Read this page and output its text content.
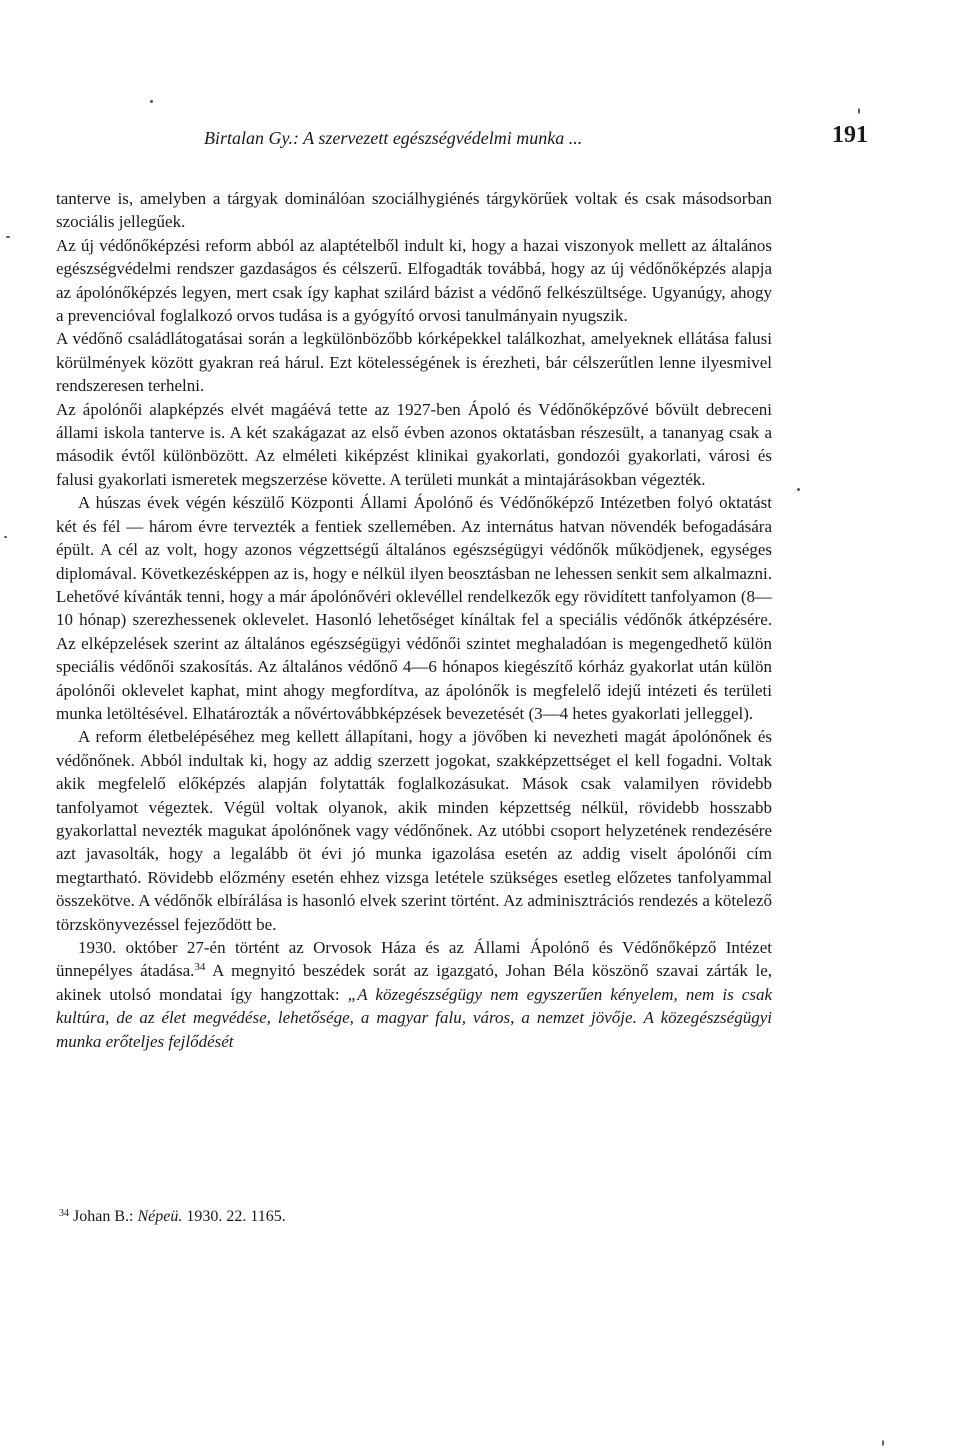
Birtalan Gy.: A szervezett egészségvédelmi munka ...	191

tanterve is, amelyben a tárgyak dominálóan szociálhygiénés tárgykörűek voltak és csak másodsorban szociális jellegűek.

Az új védőnőképzési reform abból az alaptételből indult ki, hogy a hazai viszonyok mellett az általános egészségvédelmi rendszer gazdaságos és célszerű. Elfogadták továbbá, hogy az új védőnőképzés alapja az ápolónőképzés legyen, mert csak így kaphat szilárd bázist a védőnő felkészültsége. Ugyanúgy, ahogy a prevencióval foglalkozó orvos tudása is a gyógyító orvosi tanulmányain nyugszik.

A védőnő családlátogatásai során a legkülönbözőbb kórképekkel találkozhat, amelyeknek ellátása falusi körülmények között gyakran reá hárul. Ezt kötelességének is érezheti, bár célszerűtlen lenne ilyesmivel rendszeresen terhelni.

Az ápolónői alapképzés elvét magáévá tette az 1927-ben Ápoló és Védőnőképzővé bővült debreceni állami iskola tanterve is. A két szakágazat az első évben azonos oktatásban részesült, a tananyag csak a második évtől különbözött. Az elméleti kiképzést klinikai gyakorlati, gondozói gyakorlati, városi és falusi gyakorlati ismeretek megszerzése követte. A területi munkát a mintajárásokban végezték.

A húszas évek végén készülő Központi Állami Ápolónő és Védőnőképző Intézetben folyó oktatást két és fél — három évre tervezték a fentiek szellemében. Az internátus hatvan növendék befogadására épült. A cél az volt, hogy azonos végzettségű általános egészségügyi védőnők működjenek, egységes diplomával. Következésképpen az is, hogy e nélkül ilyen beosztásban ne lehessen senkit sem alkalmazni. Lehetővé kívánták tenni, hogy a már ápolónővéri oklevéllel rendelkezők egy rövidített tanfolyamon (8—10 hónap) szerezhessenek oklevelet. Hasonló lehetőséget kínáltak fel a speciális védőnők átképzésére. Az elképzelések szerint az általános egészségügyi védőnői szintet meghaladóan is megengedhető külön speciális védőnői szakosítás. Az általános védőnő 4—6 hónapos kiegészítő kórház gyakorlat után külön ápolónői oklevelet kaphat, mint ahogy megfordítva, az ápolónők is megfelelő idejű intézeti és területi munka letöltésével. Elhatározták a nővértovábbképzések bevezetését (3—4 hetes gyakorlati jelleggel).

A reform életbelépéséhez meg kellett állapítani, hogy a jövőben ki nevezheti magát ápolónőnek és védőnőnek. Abból indultak ki, hogy az addig szerzett jogokat, szakképzettséget el kell fogadni. Voltak akik megfelelő előképzés alapján folytatták foglalkozásukat. Mások csak valamilyen rövidebb tanfolyamot végeztek. Végül voltak olyanok, akik minden képzettség nélkül, rövidebb hosszabb gyakorlattal nevezték magukat ápolónőnek vagy védőnőnek. Az utóbbi csoport helyzetének rendezésére azt javasolták, hogy a legalább öt évi jó munka igazolása esetén az addig viselt ápolónői cím megtartható. Rövidebb előzmény esetén ehhez vizsga letétele szükséges esetleg előzetes tanfolyammal összekötve. A védőnők elbírálása is hasonló elvek szerint történt. Az adminisztrációs rendezés a kötelező törzskönyvezéssel fejeződött be.

1930. október 27-én történt az Orvosok Háza és az Állami Ápolónő és Védőnőképző Intézet ünnepélyes átadása.$^{34}$ A megnyitó beszédek sorát az igazgató, Johan Béla köszönő szavai zárták le, akinek utolsó mondatai így hangzottak: „A közegészségügy nem egyszerűen kényelem, nem is csak kultúra, de az élet megvédése, lehetősége, a magyar falu, város, a nemzet jövője. A közegészségügyi munka erőteljes fejlődését

$^{34}$ Johan B.: Népeü. 1930. 22. 1165.
